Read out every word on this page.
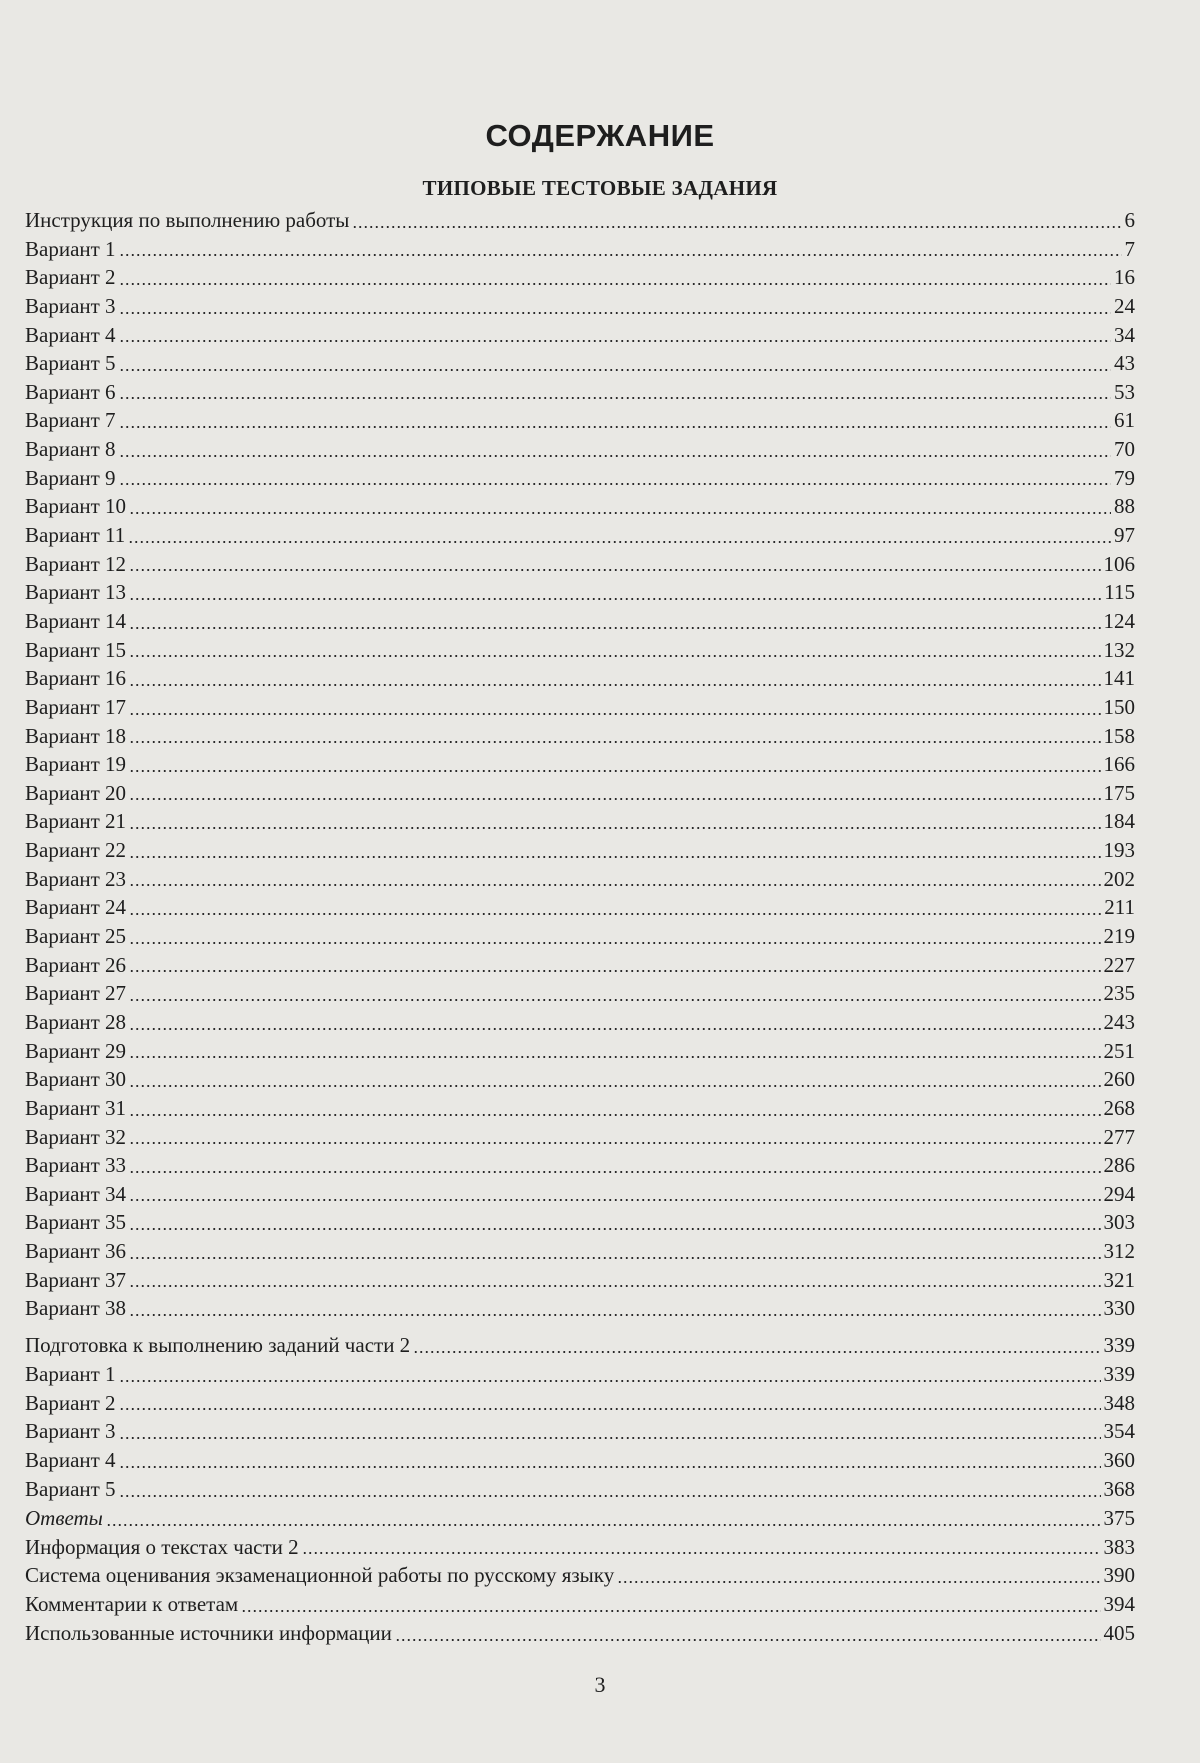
СОДЕРЖАНИЕ
ТИПОВЫЕ ТЕСТОВЫЕ ЗАДАНИЯ
Инструкция по выполнению работы	6
Вариант 1	7
Вариант 2	16
Вариант 3	24
Вариант 4	34
Вариант 5	43
Вариант 6	53
Вариант 7	61
Вариант 8	70
Вариант 9	79
Вариант 10	88
Вариант 11	97
Вариант 12	106
Вариант 13	115
Вариант 14	124
Вариант 15	132
Вариант 16	141
Вариант 17	150
Вариант 18	158
Вариант 19	166
Вариант 20	175
Вариант 21	184
Вариант 22	193
Вариант 23	202
Вариант 24	211
Вариант 25	219
Вариант 26	227
Вариант 27	235
Вариант 28	243
Вариант 29	251
Вариант 30	260
Вариант 31	268
Вариант 32	277
Вариант 33	286
Вариант 34	294
Вариант 35	303
Вариант 36	312
Вариант 37	321
Вариант 38	330
Подготовка к выполнению заданий части 2	339
Вариант 1	339
Вариант 2	348
Вариант 3	354
Вариант 4	360
Вариант 5	368
Ответы	375
Информация о текстах части 2	383
Система оценивания экзаменационной работы по русскому языку	390
Комментарии к ответам	394
Использованные источники информации	405
3
